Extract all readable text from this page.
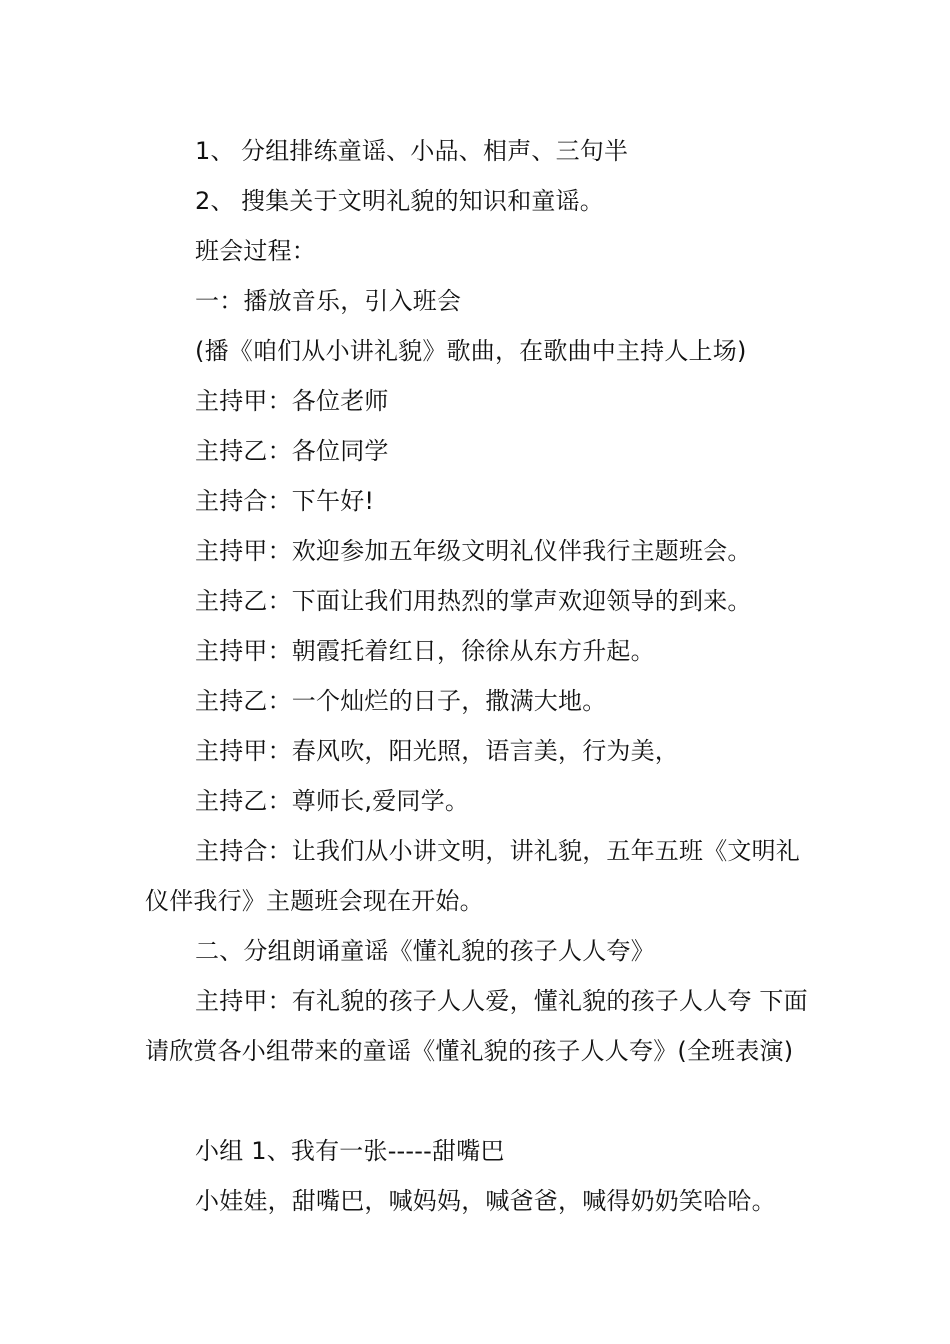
1、 分组排练童谣、小品、相声、三句半
2、 搜集关于文明礼貌的知识和童谣。
班会过程：
一：播放音乐，引入班会
(播《咱们从小讲礼貌》歌曲，在歌曲中主持人上场)
主持甲：各位老师
主持乙：各位同学
主持合：下午好!
主持甲：欢迎参加五年级文明礼仪伴我行主题班会。
主持乙：下面让我们用热烈的掌声欢迎领导的到来。
主持甲：朝霞托着红日，徐徐从东方升起。
主持乙：一个灿烂的日子，撒满大地。
主持甲：春风吹，阳光照，语言美，行为美，
主持乙：尊师长,爱同学。
主持合：让我们从小讲文明，讲礼貌，五年五班《文明礼仪伴我行》主题班会现在开始。
二、分组朗诵童谣《懂礼貌的孩子人人夸》
主持甲：有礼貌的孩子人人爱，懂礼貌的孩子人人夸 下面请欣赏各小组带来的童谣《懂礼貌的孩子人人夸》(全班表演)
小组 1、我有一张-----甜嘴巴
小娃娃，甜嘴巴，喊妈妈，喊爸爸，喊得奶奶笑哈哈。
